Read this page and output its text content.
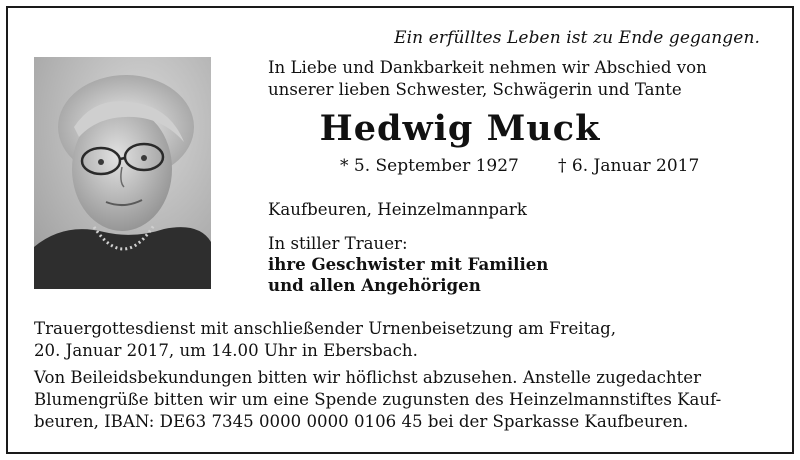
Ein erfülltes Leben ist zu Ende gegangen.
In Liebe und Dankbarkeit nehmen wir Abschied von
unserer lieben Schwester, Schwägerin und Tante
Hedwig Muck
* 5. September 1927 † 6. Januar 2017
Kaufbeuren, Heinzelmannpark
In stiller Trauer:
ihre Geschwister mit Familien
und allen Angehörigen
Trauergottesdienst mit anschließender Urnenbeisetzung am Freitag,
20. Januar 2017, um 14.00 Uhr in Ebersbach.
Von Beileidsbekundungen bitten wir höflichst abzusehen. Anstelle zugedachter
Blumengrüße bitten wir um eine Spende zugunsten des Heinzelmannstiftes Kauf-
beuren, IBAN: DE63 7345 0000 0000 0106 45 bei der Sparkasse Kaufbeuren.
